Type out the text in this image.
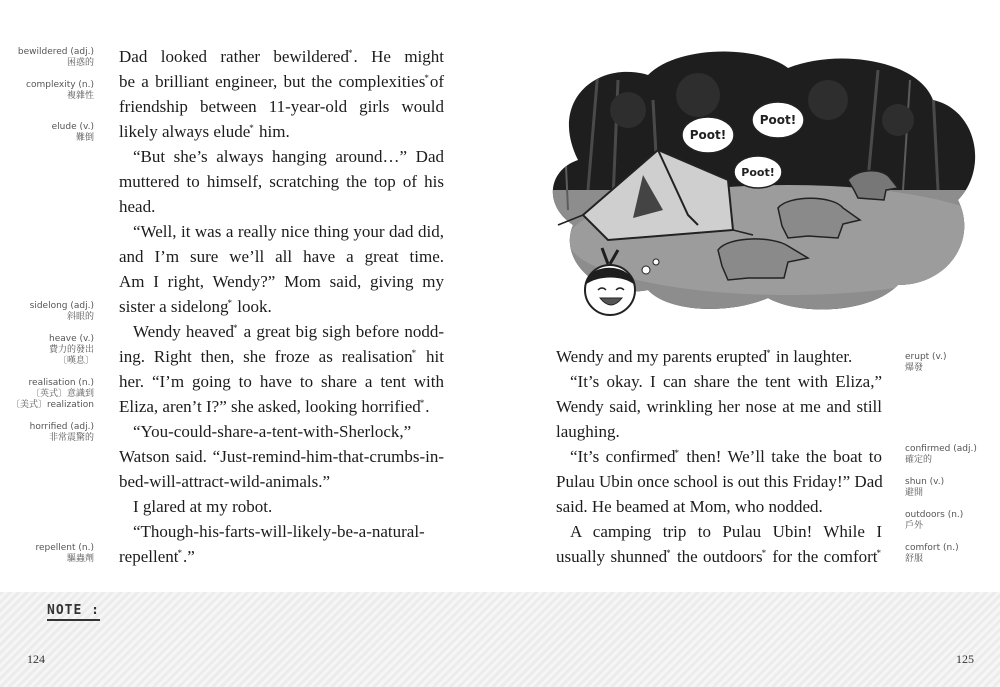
bewildered (adj.)
困惑的
complexity (n.)
複雜性
elude (v.)
難倒
sidelong (adj.)
斜眼的
heave (v.)
費力的發出
〔嘆息〕
realisation (n.)
〔英式〕意識到
〔美式〕realization
horrified (adj.)
非常震驚的
repellent (n.)
驅蟲劑
Dad looked rather bewildered*. He might
be a brilliant engineer, but the complexities*of
friendship between 11-year-old girls would
likely always elude* him.
“But she’s always hanging around…” Dad
muttered to himself, scratching the top of his
head.
“Well, it was a really nice thing your dad did,
and I’m sure we’ll all have a great time.
Am I right, Wendy?” Mom said, giving my
sister a sidelong* look.
Wendy heaved* a great big sigh before nodd-
ing. Right then, she froze as realisation* hit
her. “I’m going to have to share a tent with
Eliza, aren’t I?” she asked, looking horrified*.
“You-could-share-a-tent-with-Sherlock,”
Watson said. “Just-remind-him-that-crumbs-in-
bed-will-attract-wild-animals.”
I glared at my robot.
“Though-his-farts-will-likely-be-a-natural-
repellent*.”
erupt (v.)
爆發
confirmed (adj.)
確定的
shun (v.)
避開
outdoors (n.)
戶外
comfort (n.)
舒服
Wendy and my parents erupted* in laughter.
“It’s okay. I can share the tent with Eliza,”
Wendy said, wrinkling her nose at me and still
laughing.
“It’s confirmed* then! We’ll take the boat to
Pulau Ubin once school is out this Friday!” Dad
said. He beamed at Mom, who nodded.
A camping trip to Pulau Ubin! While I
usually shunned* the outdoors* for the comfort*
Poot!
Poot!
Poot!
NOTE :
124	125
